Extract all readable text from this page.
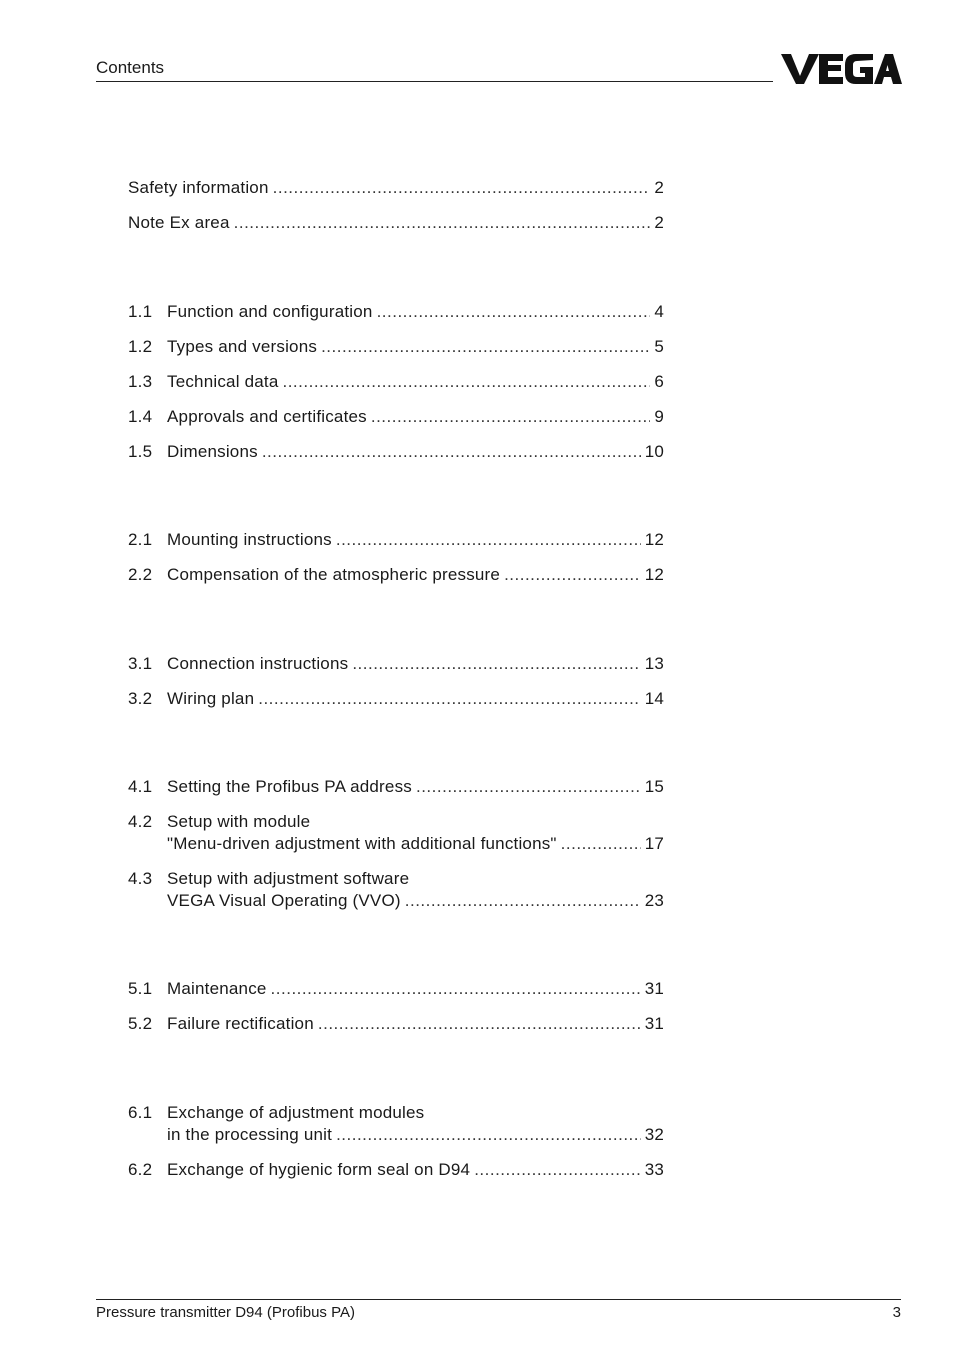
Contents
Safety information .....	2
Note Ex area .....	2
1.1 Function and configuration .....	4
1.2 Types and versions .....	5
1.3 Technical data .....	6
1.4 Approvals and certificates .....	9
1.5 Dimensions .....	10
2.1 Mounting instructions .....	12
2.2 Compensation of the atmospheric pressure .....	12
3.1 Connection instructions .....	13
3.2 Wiring plan .....	14
4.1 Setting the Profibus PA address .....	15
4.2 Setup with module
"Menu-driven adjustment with additional functions" .....	17
4.3 Setup with adjustment software
VEGA Visual Operating (VVO) .....	23
5.1 Maintenance .....	31
5.2 Failure rectification .....	31
6.1 Exchange of adjustment modules
in the processing unit .....	32
6.2 Exchange of hygienic form seal on D94 .....	33
Pressure transmitter D94 (Profibus PA)	3
